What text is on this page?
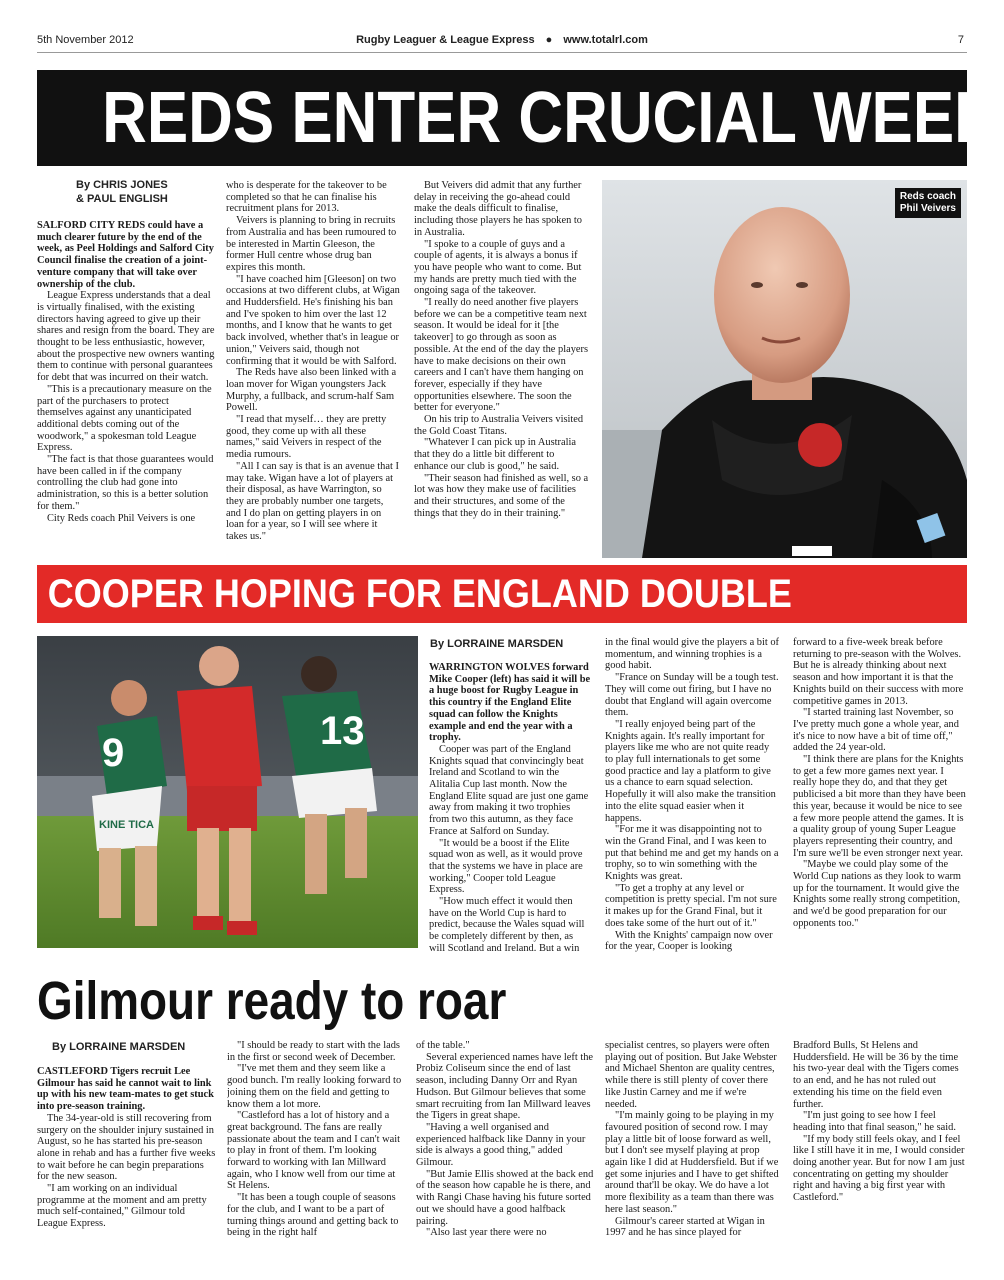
5th November 2012	Rugby Leaguer & League Express ● www.totalrl.com	7
REDS ENTER CRUCIAL WEEK
By CHRIS JONES
& PAUL ENGLISH

SALFORD CITY REDS could have a much clearer future by the end of the week, as Peel Holdings and Salford City Council finalise the creation of a joint-venture company that will take over ownership of the club.

League Express understands that a deal is virtually finalised, with the existing directors having agreed to give up their shares and resign from the board. They are thought to be less enthusiastic, however, about the prospective new owners wanting them to continue with personal guarantees for debt that was incurred on their watch.

"This is a precautionary measure on the part of the purchasers to protect themselves against any unanticipated additional debts coming out of the woodwork," a spokesman told League Express.

"The fact is that those guarantees would have been called in if the company controlling the club had gone into administration, so this is a better solution for them."

City Reds coach Phil Veivers is one

who is desperate for the takeover to be completed so that he can finalise his recruitment plans for 2013.

Veivers is planning to bring in recruits from Australia and has been rumoured to be interested in Martin Gleeson, the former Hull centre whose drug ban expires this month.

"I have coached him [Gleeson] on two occasions at two different clubs, at Wigan and Huddersfield. He's finishing his ban and I've spoken to him over the last 12 months, and I know that he wants to get back involved, whether that's in league or union," Veivers said, though not confirming that it would be with Salford.

The Reds have also been linked with a loan mover for Wigan youngsters Jack Murphy, a fullback, and scrum-half Sam Powell.

"I read that myself… they are pretty good, they come up with all these names," said Veivers in respect of the media rumours.

"All I can say is that is an avenue that I may take. Wigan have a lot of players at their disposal, as have Warrington, so they are probably number one targets, and I do plan on getting players in on loan for a year, so I will see where it takes us."

But Veivers did admit that any further delay in receiving the go-ahead could make the deals difficult to finalise, including those players he has spoken to in Australia.

"I spoke to a couple of guys and a couple of agents, it is always a bonus if you have people who want to come. But my hands are pretty much tied with the ongoing saga of the takeover.

"I really do need another five players before we can be a competitive team next season. It would be ideal for it [the takeover] to go through as soon as possible. At the end of the day the players have to make decisions on their own careers and I can't have them hanging on forever, especially if they have opportunities elsewhere. The soon the better for everyone."

On his trip to Australia Veivers visited the Gold Coast Titans.

"Whatever I can pick up in Australia that they do a little bit different to enhance our club is good," he said.

"Their season had finished as well, so a lot was how they make use of facilities and their structures, and some of the things that they do in their training."

Reds coach
Phil Veivers
COOPER HOPING FOR ENGLAND DOUBLE
9
KINE TICA
13
By LORRAINE MARSDEN

WARRINGTON WOLVES forward Mike Cooper (left) has said it will be a huge boost for Rugby League in this country if the England Elite squad can follow the Knights example and end the year with a trophy.

Cooper was part of the England Knights squad that convincingly beat Ireland and Scotland to win the Alitalia Cup last month. Now the England Elite squad are just one game away from making it two trophies from two this autumn, as they face France at Salford on Sunday.

"It would be a boost if the Elite squad won as well, as it would prove that the systems we have in place are working," Cooper told League Express.

"How much effect it would then have on the World Cup is hard to predict, because the Wales squad will be completely different by then, as will Scotland and Ireland. But a win

in the final would give the players a bit of momentum, and winning trophies is a good habit.

"France on Sunday will be a tough test. They will come out firing, but I have no doubt that England will again overcome them.

"I really enjoyed being part of the Knights again. It's really important for players like me who are not quite ready to play full internationals to get some good practice and lay a platform to give us a chance to earn squad selection. Hopefully it will also make the transition into the elite squad easier when it happens.

"For me it was disappointing not to win the Grand Final, and I was keen to put that behind me and get my hands on a trophy, so to win something with the Knights was great.

"To get a trophy at any level or competition is pretty special. I'm not sure it makes up for the Grand Final, but it does take some of the hurt out of it."

With the Knights' campaign now over for the year, Cooper is looking

forward to a five-week break before returning to pre-season with the Wolves. But he is already thinking about next season and how important it is that the Knights build on their success with more competitive games in 2013.

"I started training last November, so I've pretty much gone a whole year, and it's nice to now have a bit of time off," added the 24 year-old.

"I think there are plans for the Knights to get a few more games next year. I really hope they do, and that they get publicised a bit more than they have been this year, because it would be nice to see a few more people attend the games. It is a quality group of young Super League players representing their country, and I'm sure we'll be even stronger next year.

"Maybe we could play some of the World Cup nations as they look to warm up for the tournament. It would give the Knights some really strong competition, and we'd be good preparation for our opponents too."

Gilmour ready to roar
By LORRAINE MARSDEN

CASTLEFORD Tigers recruit Lee Gilmour has said he cannot wait to link up with his new team-mates to get stuck into pre-season training.

The 34-year-old is still recovering from surgery on the shoulder injury sustained in August, so he has started his pre-season alone in rehab and has a further five weeks to wait before he can begin preparations for the new season.

"I am working on an individual programme at the moment and am pretty much self-contained," Gilmour told League Express.

"I should be ready to start with the lads in the first or second week of December.

"I've met them and they seem like a good bunch. I'm really looking forward to joining them on the field and getting to know them a lot more.

"Castleford has a lot of history and a great background. The fans are really passionate about the team and I can't wait to play in front of them. I'm looking forward to working with Ian Millward again, who I know well from our time at St Helens.

"It has been a tough couple of seasons for the club, and I want to be a part of turning things around and getting back to being in the right half

of the table."

Several experienced names have left the Probiz Coliseum since the end of last season, including Danny Orr and Ryan Hudson. But Gilmour believes that some smart recruiting from Ian Millward leaves the Tigers in great shape.

"Having a well organised and experienced halfback like Danny in your side is always a good thing," added Gilmour.

"But Jamie Ellis showed at the back end of the season how capable he is there, and with Rangi Chase having his future sorted out we should have a good halfback pairing.

"Also last year there were no

specialist centres, so players were often playing out of position. But Jake Webster and Michael Shenton are quality centres, while there is still plenty of cover there like Justin Carney and me if we're needed.

"I'm mainly going to be playing in my favoured position of second row. I may play a little bit of loose forward as well, but I don't see myself playing at prop again like I did at Huddersfield. But if we get some injuries and I have to get shifted around that'll be okay. We do have a lot more flexibility as a team than there was here last season."

Gilmour's career started at Wigan in 1997 and he has since played for

Bradford Bulls, St Helens and Huddersfield. He will be 36 by the time his two-year deal with the Tigers comes to an end, and he has not ruled out extending his time on the field even further.

"I'm just going to see how I feel heading into that final season," he said.

"If my body still feels okay, and I feel like I still have it in me, I would consider doing another year. But for now I am just concentrating on getting my shoulder right and having a big first year with Castleford."
